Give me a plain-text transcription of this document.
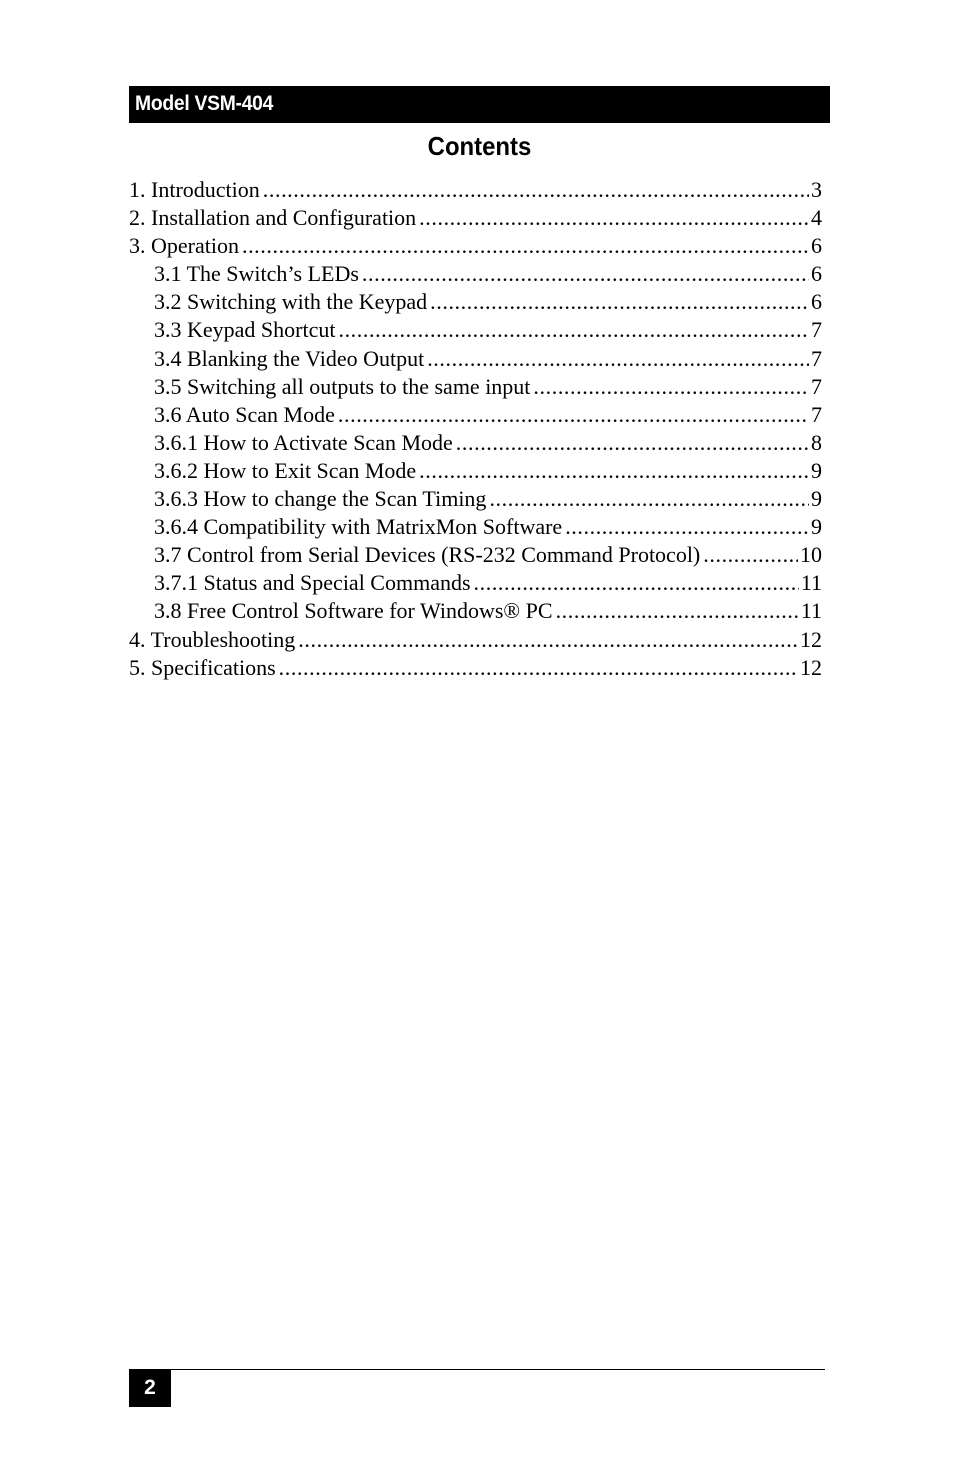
Model VSM-404
Contents
1. Introduction .....	3
2. Installation and Configuration .....	4
3. Operation .....	6
3.1 The Switch’s LEDs .....	6
3.2 Switching with the Keypad .....	6
3.3 Keypad Shortcut .....	7
3.4 Blanking the Video Output .....	7
3.5 Switching all outputs to the same input .....	7
3.6 Auto Scan Mode .....	7
3.6.1 How to Activate Scan Mode .....	8
3.6.2 How to Exit Scan Mode .....	9
3.6.3 How to change the Scan Timing .....	9
3.6.4 Compatibility with MatrixMon Software .....	9
3.7 Control from Serial Devices (RS-232 Command Protocol) .....	10
3.7.1 Status and Special Commands .....	11
3.8 Free Control Software for Windows® PC .....	11
4. Troubleshooting .....	12
5. Specifications .....	12
2
